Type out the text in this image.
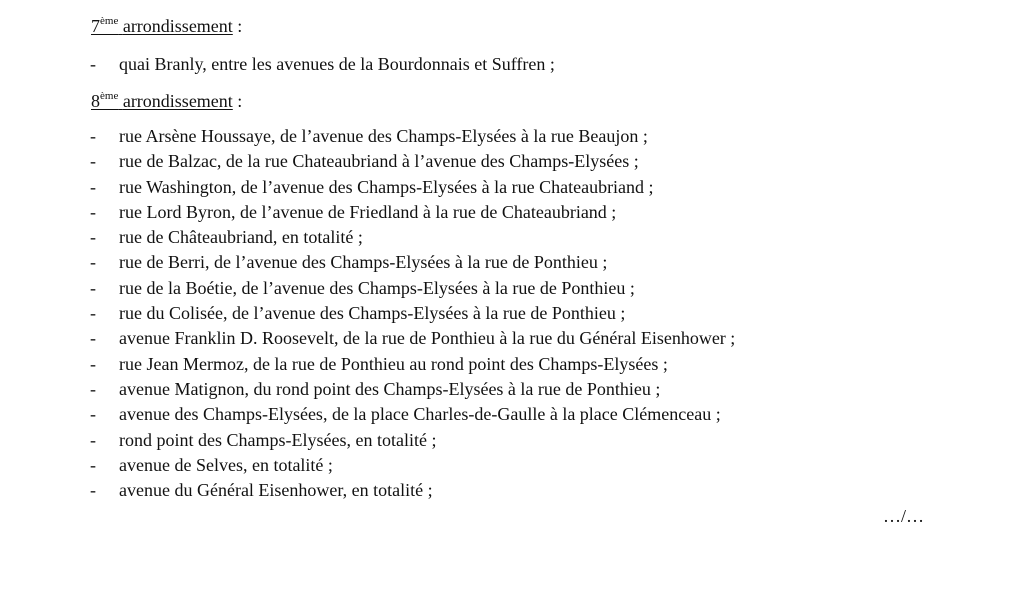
7ème arrondissement :
- quai Branly, entre les avenues de la Bourdonnais et Suffren ;
8ème arrondissement :
- rue Arsène Houssaye, de l’avenue des Champs-Elysées à la rue Beaujon ;
- rue de Balzac, de la rue Chateaubriand à l’avenue des Champs-Elysées ;
- rue Washington, de l’avenue des Champs-Elysées à la rue Chateaubriand ;
- rue Lord Byron, de l’avenue de Friedland à la rue de Chateaubriand ;
- rue de Châteaubriand, en totalité ;
- rue de Berri, de l’avenue des Champs-Elysées à la rue de Ponthieu ;
- rue de la Boétie, de l’avenue des Champs-Elysées à la rue de Ponthieu ;
- rue du Colisée, de l’avenue des Champs-Elysées à la rue de Ponthieu ;
- avenue Franklin D. Roosevelt, de la rue de Ponthieu à la rue du Général Eisenhower ;
- rue Jean Mermoz, de la rue de Ponthieu au rond point des Champs-Elysées ;
- avenue Matignon, du rond point des Champs-Elysées à la rue de Ponthieu ;
- avenue des Champs-Elysées, de la place Charles-de-Gaulle à la place Clémenceau ;
- rond point des Champs-Elysées, en totalité ;
- avenue de Selves, en totalité ;
- avenue du Général Eisenhower, en totalité ;
…/…
